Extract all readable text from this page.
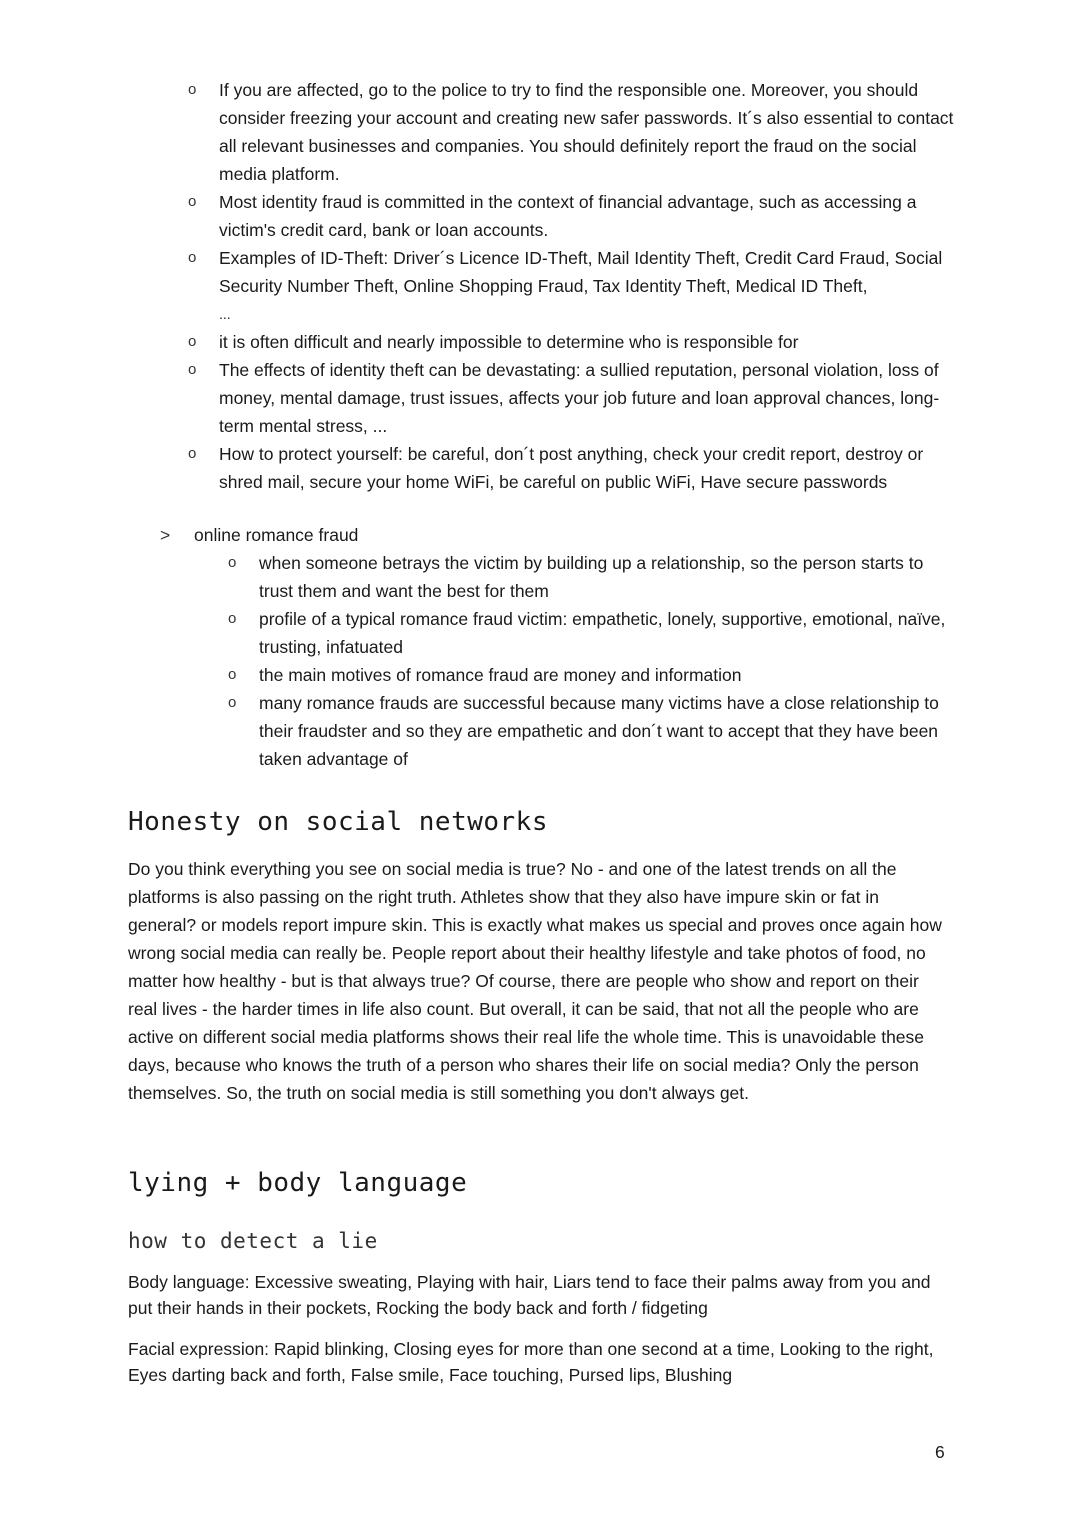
o If you are affected, go to the police to try to find the responsible one. Moreover, you should consider freezing your account and creating new safer passwords. It´s also essential to contact all relevant businesses and companies. You should definitely report the fraud on the social media platform.
o Most identity fraud is committed in the context of financial advantage, such as accessing a victim's credit card, bank or loan accounts.
o Examples of ID-Theft: Driver´s Licence ID-Theft, Mail Identity Theft, Credit Card Fraud, Social Security Number Theft, Online Shopping Fraud, Tax Identity Theft, Medical ID Theft,
...
o it is often difficult and nearly impossible to determine who is responsible for
o The effects of identity theft can be devastating: a sullied reputation, personal violation, loss of money, mental damage, trust issues, affects your job future and loan approval chances, long-term mental stress, ...
o How to protect yourself: be careful, don´t post anything, check your credit report, destroy or shred mail, secure your home WiFi, be careful on public WiFi, Have secure passwords
> online romance fraud
o when someone betrays the victim by building up a relationship, so the person starts to trust them and want the best for them
o profile of a typical romance fraud victim: empathetic, lonely, supportive, emotional, naïve, trusting, infatuated
o the main motives of romance fraud are money and information
o many romance frauds are successful because many victims have a close relationship to their fraudster and so they are empathetic and don´t want to accept that they have been taken advantage of
Honesty on social networks

Do you think everything you see on social media is true? No - and one of the latest trends on all the platforms is also passing on the right truth. Athletes show that they also have impure skin or fat in general? or models report impure skin. This is exactly what makes us special and proves once again how wrong social media can really be. People report about their healthy lifestyle and take photos of food, no matter how healthy - but is that always true? Of course, there are people who show and report on their real lives - the harder times in life also count. But overall, it can be said, that not all the people who are active on different social media platforms shows their real life the whole time. This is unavoidable these days, because who knows the truth of a person who shares their life on social media? Only the person themselves. So, the truth on social media is still something you don't always get.

lying + body language
how to detect a lie

Body language: Excessive sweating, Playing with hair, Liars tend to face their palms away from you and put their hands in their pockets, Rocking the body back and forth / fidgeting

Facial expression: Rapid blinking, Closing eyes for more than one second at a time, Looking to the right, Eyes darting back and forth, False smile, Face touching, Pursed lips, Blushing

6
